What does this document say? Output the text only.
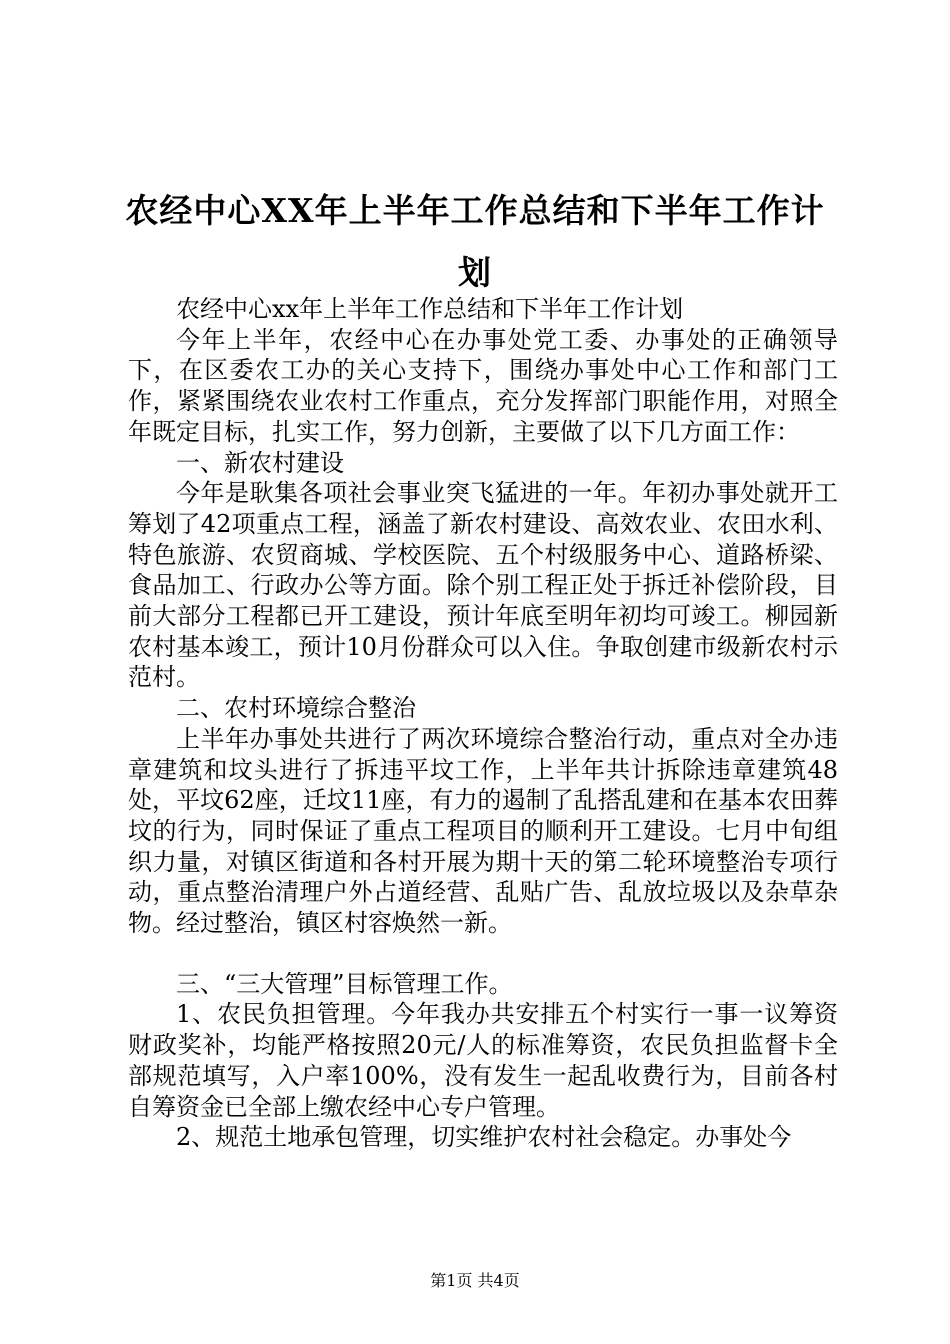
农经中心XX年上半年工作总结和下半年工作计划

农经中心xx年上半年工作总结和下半年工作计划

今年上半年，农经中心在办事处党工委、办事处的正确领导下，在区委农工办的关心支持下，围绕办事处中心工作和部门工作，紧紧围绕农业农村工作重点，充分发挥部门职能作用，对照全年既定目标，扎实工作，努力创新，主要做了以下几方面工作：

一、新农村建设

今年是耿集各项社会事业突飞猛进的一年。年初办事处就开工筹划了42项重点工程，涵盖了新农村建设、高效农业、农田水利、特色旅游、农贸商城、学校医院、五个村级服务中心、道路桥梁、食品加工、行政办公等方面。除个别工程正处于拆迁补偿阶段，目前大部分工程都已开工建设，预计年底至明年初均可竣工。柳园新农村基本竣工，预计10月份群众可以入住。争取创建市级新农村示范村。

二、农村环境综合整治

上半年办事处共进行了两次环境综合整治行动，重点对全办违章建筑和坟头进行了拆违平坟工作，上半年共计拆除违章建筑48处，平坟62座，迁坟11座，有力的遏制了乱搭乱建和在基本农田葬坟的行为，同时保证了重点工程项目的顺利开工建设。七月中旬组织力量，对镇区街道和各村开展为期十天的第二轮环境整治专项行动，重点整治清理户外占道经营、乱贴广告、乱放垃圾以及杂草杂物。经过整治，镇区村容焕然一新。

三、“三大管理”目标管理工作。

1、农民负担管理。今年我办共安排五个村实行一事一议筹资财政奖补，均能严格按照20元/人的标准筹资，农民负担监督卡全部规范填写，入户率100%，没有发生一起乱收费行为，目前各村自筹资金已全部上缴农经中心专户管理。

2、规范土地承包管理，切实维护农村社会稳定。办事处今

第1页 共4页
